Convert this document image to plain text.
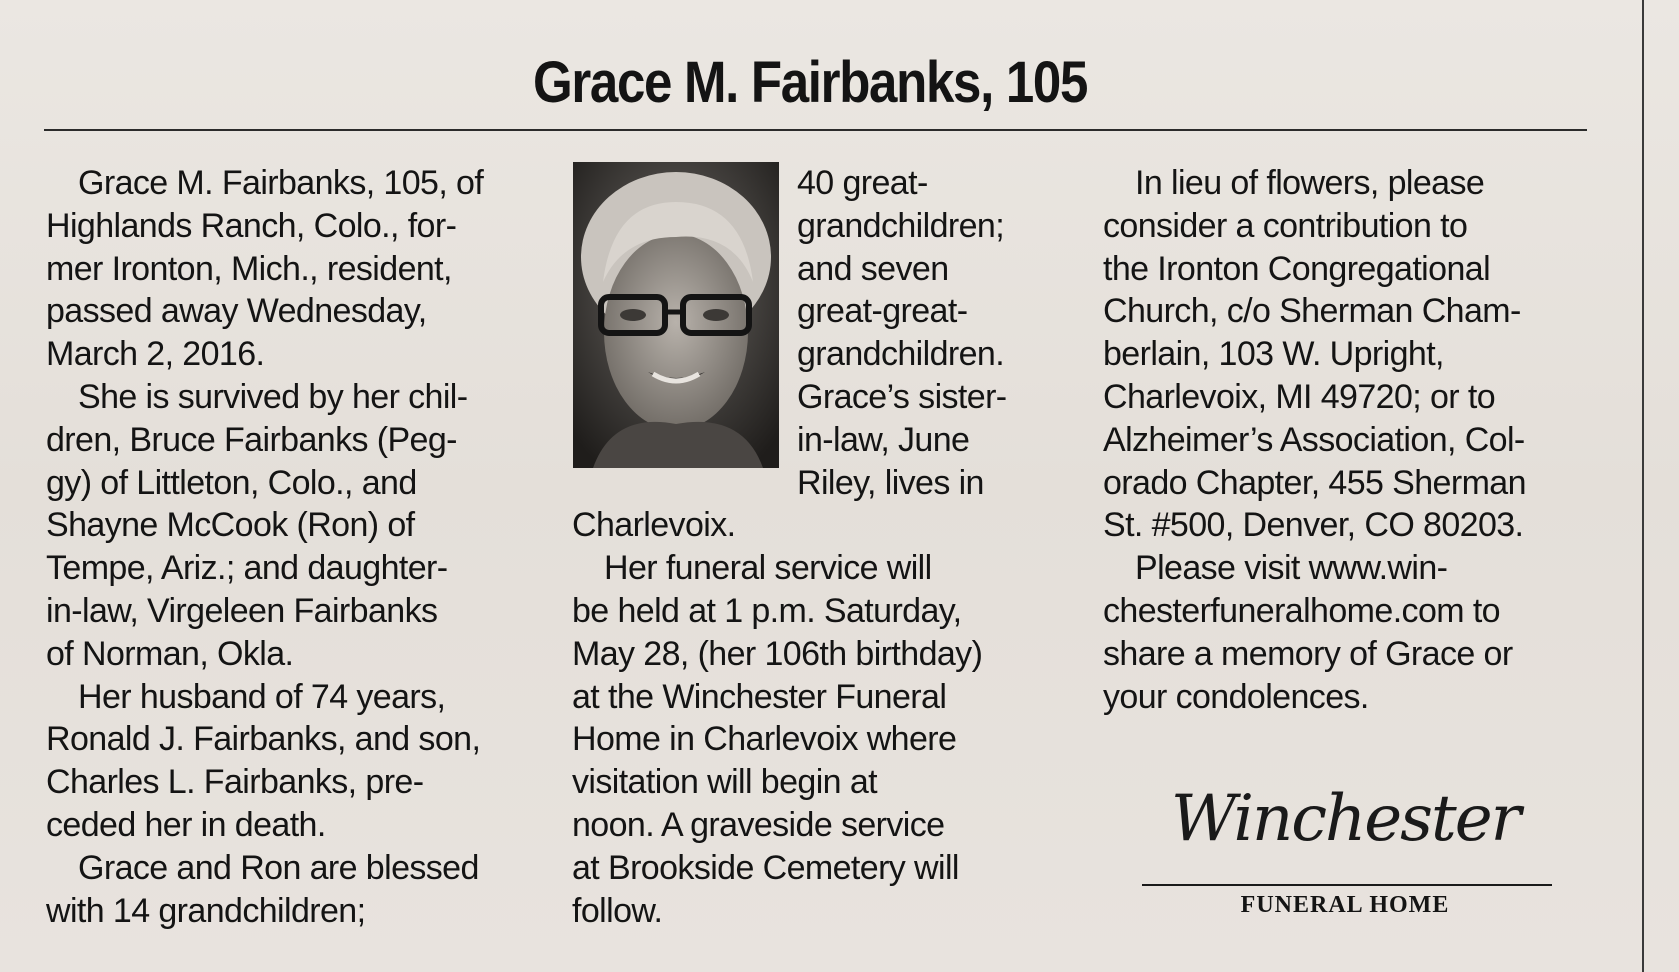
Grace M. Fairbanks, 105

Grace M. Fairbanks, 105, of

Highlands Ranch, Colo., for-

mer Ironton, Mich., resident,

passed away Wednesday,

March 2, 2016.

She is survived by her chil-

dren, Bruce Fairbanks (Peg-

gy) of Littleton, Colo., and

Shayne McCook (Ron) of

Tempe, Ariz.; and daughter-

in-law, Virgeleen Fairbanks

of Norman, Okla.

Her husband of 74 years,

Ronald J. Fairbanks, and son,

Charles L. Fairbanks, pre-

ceded her in death.

Grace and Ron are blessed

with 14 grandchildren;

40 great-

grandchildren;

and seven

great-great-

grandchildren.

Grace’s sister-

in-law, June

Riley, lives in

Charlevoix.

Her funeral service will

be held at 1 p.m. Saturday,

May 28, (her 106th birthday)

at the Winchester Funeral

Home in Charlevoix where

visitation will begin at

noon. A graveside service

at Brookside Cemetery will

follow.

In lieu of flowers, please

consider a contribution to

the Ironton Congregational

Church, c/o Sherman Cham-

berlain, 103 W. Upright,

Charlevoix, MI 49720; or to

Alzheimer’s Association, Col-

orado Chapter, 455 Sherman

St. #500, Denver, CO 80203.

Please visit www.win-

chesterfuneralhome.com to

share a memory of Grace or

your condolences.

Winchester
FUNERAL HOME
